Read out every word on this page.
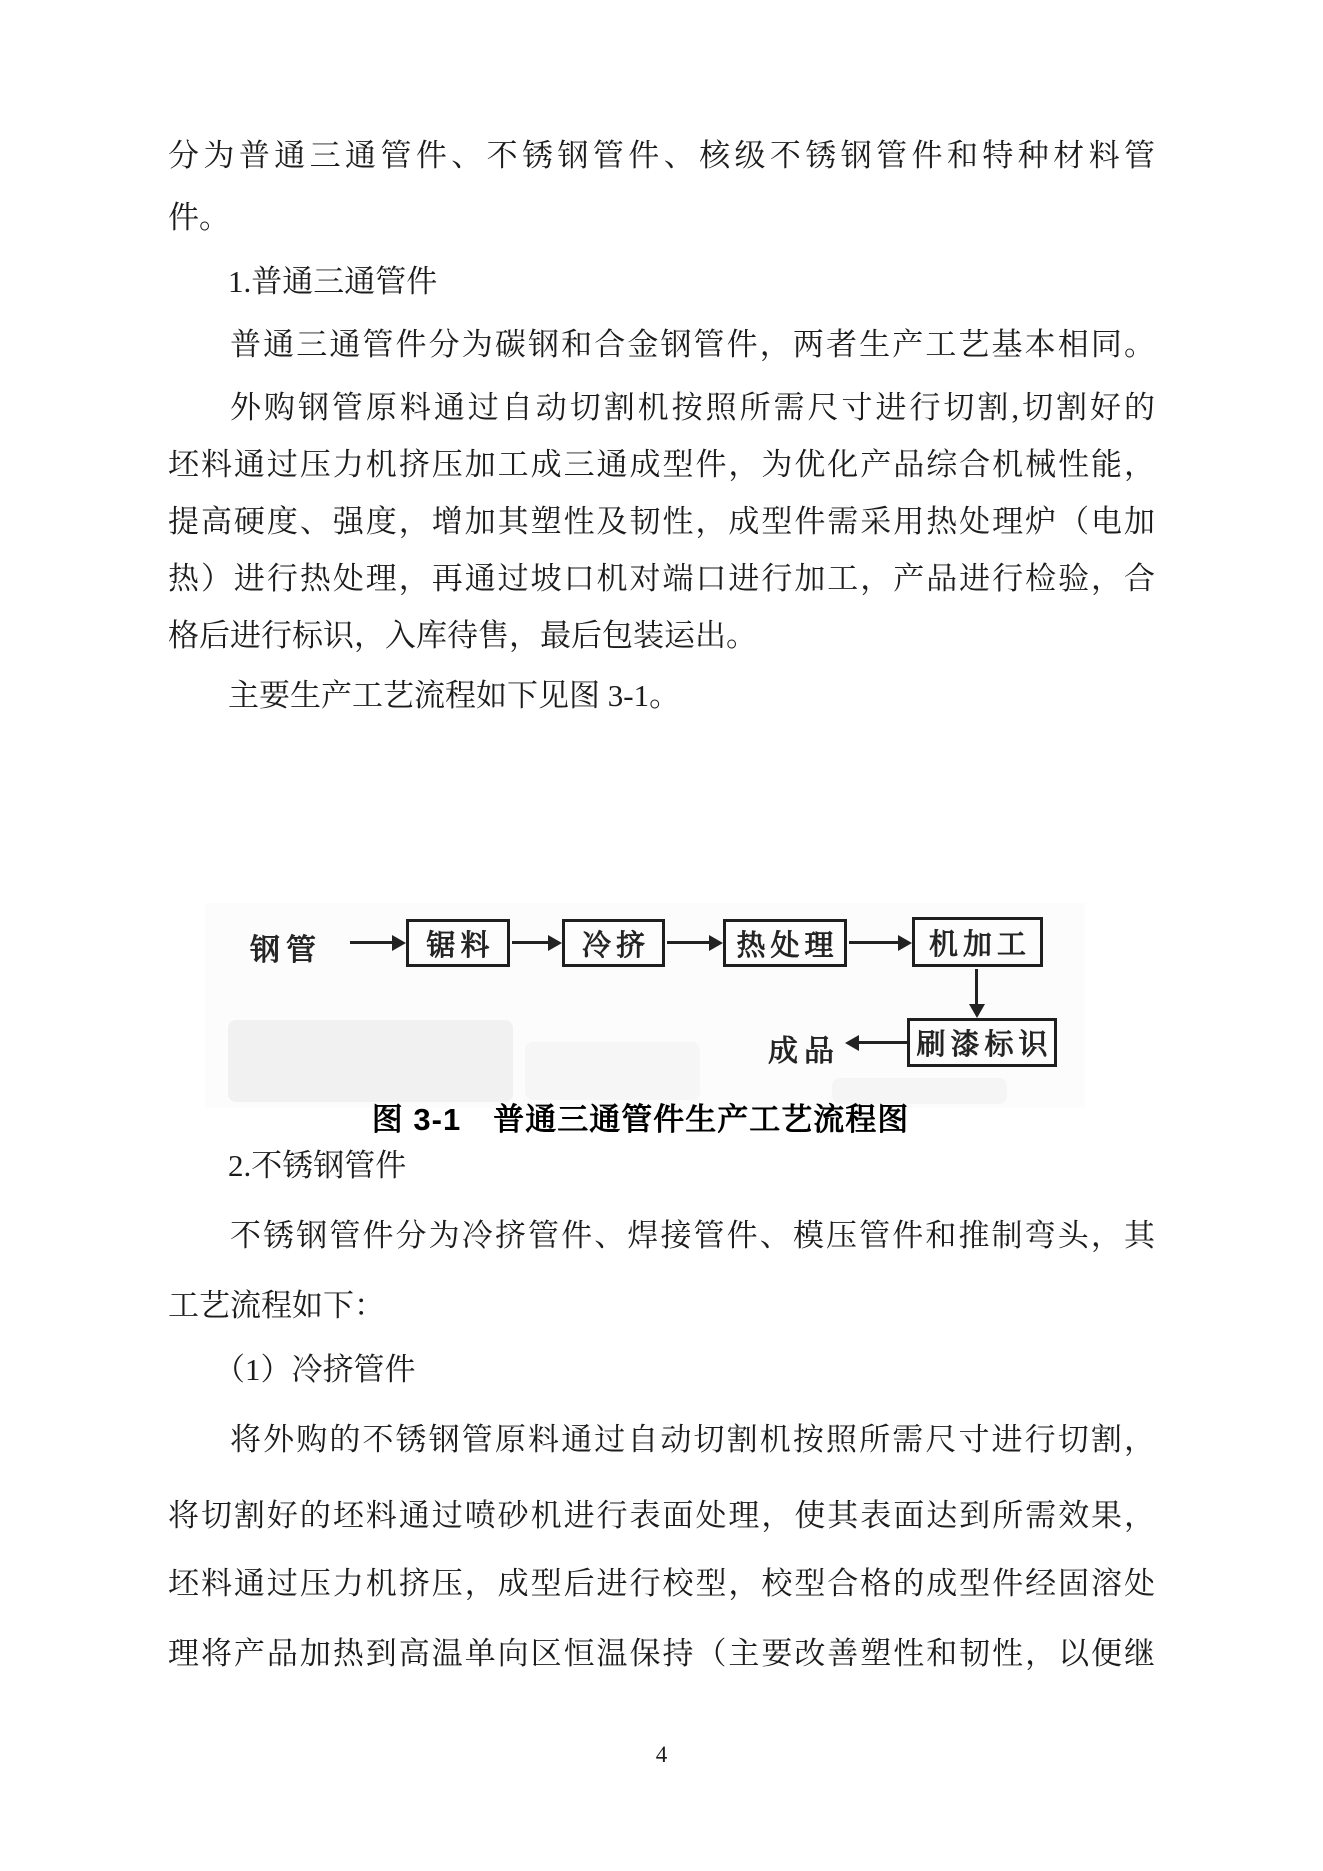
分为普通三通管件、不锈钢管件、核级不锈钢管件和特种材料管
件。
1.普通三通管件
普通三通管件分为碳钢和合金钢管件，两者生产工艺基本相同。
外购钢管原料通过自动切割机按照所需尺寸进行切割,切割好的
坯料通过压力机挤压加工成三通成型件，为优化产品综合机械性能，
提高硬度、强度，增加其塑性及韧性，成型件需采用热处理炉（电加
热）进行热处理，再通过坡口机对端口进行加工，产品进行检验，合
格后进行标识，入库待售，最后包装运出。
主要生产工艺流程如下见图 3-1。
钢管	锯料	冷挤	热处理	机加工
刷漆标识
成品
图 3-1　普通三通管件生产工艺流程图
2.不锈钢管件
不锈钢管件分为冷挤管件、焊接管件、模压管件和推制弯头，其
工艺流程如下：
（1）冷挤管件
将外购的不锈钢管原料通过自动切割机按照所需尺寸进行切割，
将切割好的坯料通过喷砂机进行表面处理，使其表面达到所需效果，
坯料通过压力机挤压，成型后进行校型，校型合格的成型件经固溶处
理将产品加热到高温单向区恒温保持（主要改善塑性和韧性，以便继
4
